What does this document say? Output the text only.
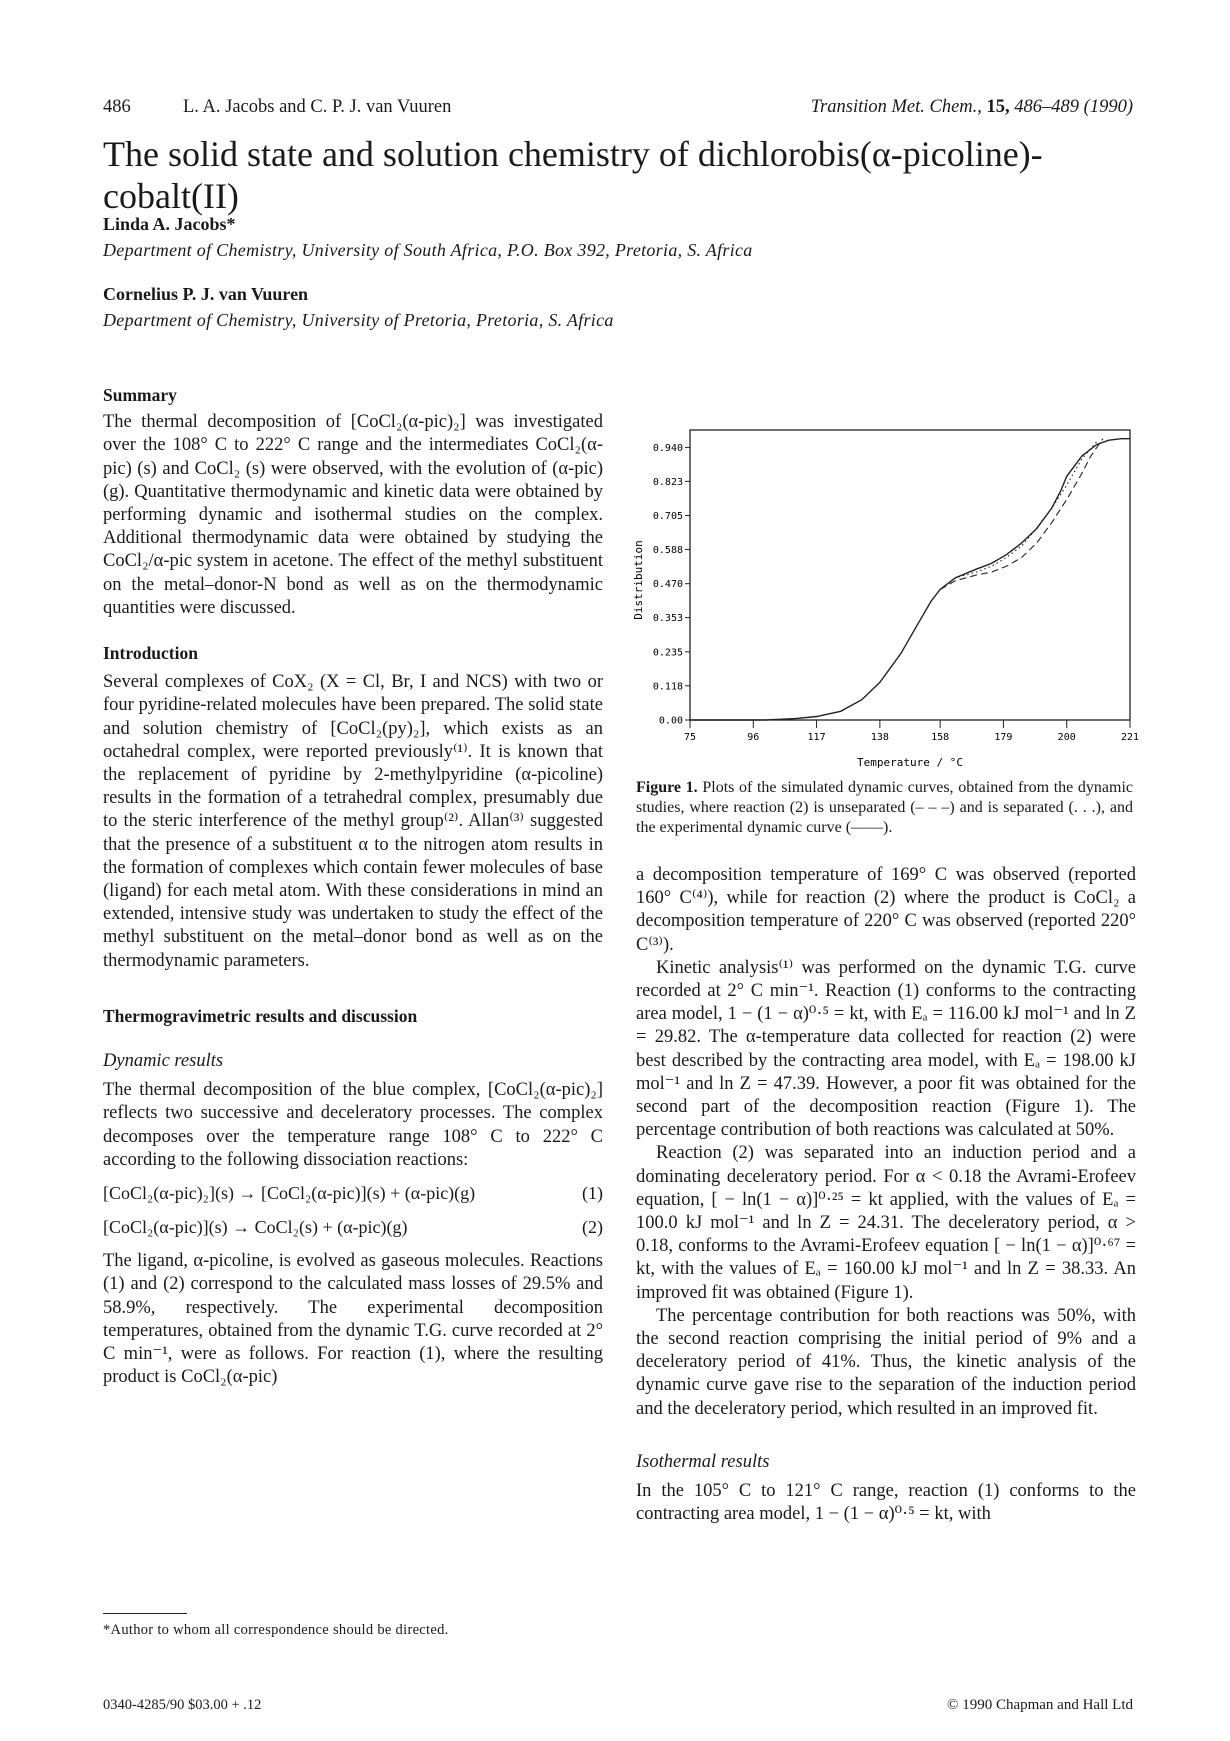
486	L. A. Jacobs and C. P. J. van Vuuren	Transition Met. Chem., 15, 486–489 (1990)
The solid state and solution chemistry of dichlorobis(α-picoline)-cobalt(II)
Linda A. Jacobs*
Department of Chemistry, University of South Africa, P.O. Box 392, Pretoria, S. Africa
Cornelius P. J. van Vuuren
Department of Chemistry, University of Pretoria, Pretoria, S. Africa

Summary

The thermal decomposition of [CoCl₂(α-pic)₂] was investigated over the 108° C to 222° C range and the intermediates CoCl₂(α-pic) (s) and CoCl₂ (s) were observed, with the evolution of (α-pic) (g). Quantitative thermodynamic and kinetic data were obtained by performing dynamic and isothermal studies on the complex. Additional thermodynamic data were obtained by studying the CoCl₂/α-pic system in acetone. The effect of the methyl substituent on the metal–donor-N bond as well as on the thermodynamic quantities were discussed.

Introduction

Several complexes of CoX₂ (X = Cl, Br, I and NCS) with two or four pyridine-related molecules have been prepared. The solid state and solution chemistry of [CoCl₂(py)₂], which exists as an octahedral complex, were reported previously⁽¹⁾. It is known that the replacement of pyridine by 2-methylpyridine (α-picoline) results in the formation of a tetrahedral complex, presumably due to the steric interference of the methyl group⁽²⁾. Allan⁽³⁾ suggested that the presence of a substituent α to the nitrogen atom results in the formation of complexes which contain fewer molecules of base (ligand) for each metal atom. With these considerations in mind an extended, intensive study was undertaken to study the effect of the methyl substituent on the metal–donor bond as well as on the thermodynamic parameters.

Thermogravimetric results and discussion

Dynamic results

The thermal decomposition of the blue complex, [CoCl₂(α-pic)₂] reflects two successive and deceleratory processes. The complex decomposes over the temperature range 108° C to 222° C according to the following dissociation reactions:

[CoCl₂(α-pic)₂](s) → [CoCl₂(α-pic)](s) + (α-pic)(g)	(1)
[CoCl₂(α-pic)](s) → CoCl₂(s) + (α-pic)(g)	(2)

The ligand, α-picoline, is evolved as gaseous molecules. Reactions (1) and (2) correspond to the calculated mass losses of 29.5% and 58.9%, respectively. The experimental decomposition temperatures, obtained from the dynamic T.G. curve recorded at 2° C min⁻¹, were as follows. For reaction (1), where the resulting product is CoCl₂(α-pic)

75	96	117	138	158	179	200	221
0.00
0.118
0.235
0.353
0.470
0.588
0.705
0.823
0.940
Temperature / °C
Distribution
Figure 1. Plots of the simulated dynamic curves, obtained from the dynamic studies, where reaction (2) is unseparated (– – –) and is separated (. . .), and the experimental dynamic curve (——).

a decomposition temperature of 169° C was observed (reported 160° C⁽⁴⁾), while for reaction (2) where the product is CoCl₂ a decomposition temperature of 220° C was observed (reported 220° C⁽³⁾).

Kinetic analysis⁽¹⁾ was performed on the dynamic T.G. curve recorded at 2° C min⁻¹. Reaction (1) conforms to the contracting area model, 1 − (1 − α)⁰·⁵ = kt, with Eₐ = 116.00 kJ mol⁻¹ and ln Z = 29.82. The α-temperature data collected for reaction (2) were best described by the contracting area model, with Eₐ = 198.00 kJ mol⁻¹ and ln Z = 47.39. However, a poor fit was obtained for the second part of the decomposition reaction (Figure 1). The percentage contribution of both reactions was calculated at 50%.

Reaction (2) was separated into an induction period and a dominating deceleratory period. For α < 0.18 the Avrami-Erofeev equation, [ − ln(1 − α)]⁰·²⁵ = kt applied, with the values of Eₐ = 100.0 kJ mol⁻¹ and ln Z = 24.31. The deceleratory period, α > 0.18, conforms to the Avrami-Erofeev equation [ − ln(1 − α)]⁰·⁶⁷ = kt, with the values of Eₐ = 160.00 kJ mol⁻¹ and ln Z = 38.33. An improved fit was obtained (Figure 1).

The percentage contribution for both reactions was 50%, with the second reaction comprising the initial period of 9% and a deceleratory period of 41%. Thus, the kinetic analysis of the dynamic curve gave rise to the separation of the induction period and the deceleratory period, which resulted in an improved fit.

Isothermal results

In the 105° C to 121° C range, reaction (1) conforms to the contracting area model, 1 − (1 − α)⁰·⁵ = kt, with

*Author to whom all correspondence should be directed.
0340-4285/90 $03.00 + .12	© 1990 Chapman and Hall Ltd
